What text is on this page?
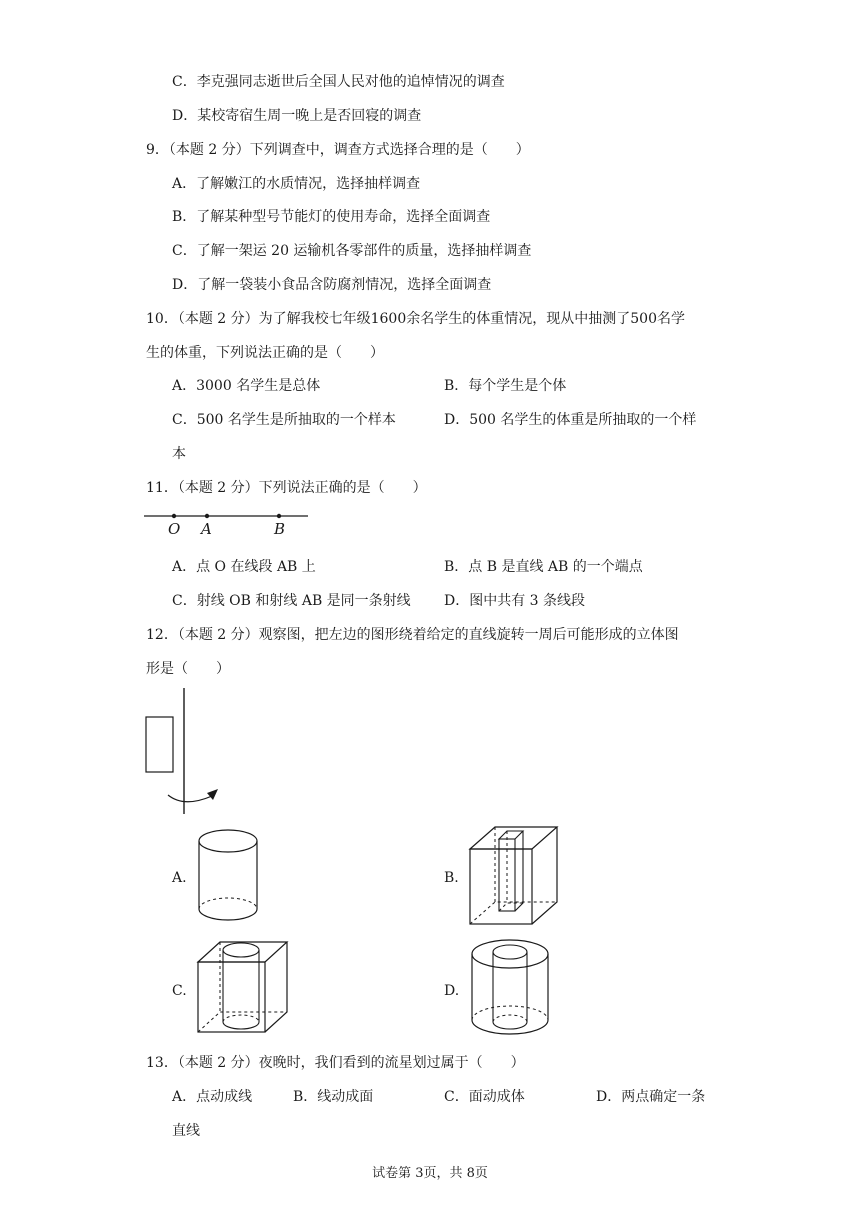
C．李克强同志逝世后全国人民对他的追悼情况的调查
D．某校寄宿生周一晚上是否回寝的调查
9．（本题 2 分）下列调查中，调查方式选择合理的是（　　）
A．了解嫩江的水质情况，选择抽样调查
B．了解某种型号节能灯的使用寿命，选择全面调查
C．了解一架运 20 运输机各零部件的质量，选择抽样调查
D．了解一袋装小食品含防腐剂情况，选择全面调查
10．（本题 2 分）为了解我校七年级1600余名学生的体重情况，现从中抽测了500名学
生的体重，下列说法正确的是（　　）
A．3000 名学生是总体	B．每个学生是个体
C．500 名学生是所抽取的一个样本	D．500 名学生的体重是所抽取的一个样
本
11．（本题 2 分）下列说法正确的是（　　）
O A	B
A．点 O 在线段 AB 上	B．点 B 是直线 AB 的一个端点
C．射线 OB 和射线 AB 是同一条射线 D．图中共有 3 条线段
12．（本题 2 分）观察图，把左边的图形绕着给定的直线旋转一周后可能形成的立体图
形是（　　）
A.	B.
C.	D.
13．（本题 2 分）夜晚时，我们看到的流星划过属于（　　）
A．点动成线	B．线动成面	C．面动成体	D．两点确定一条
直线
试卷第 3页，共 8页
